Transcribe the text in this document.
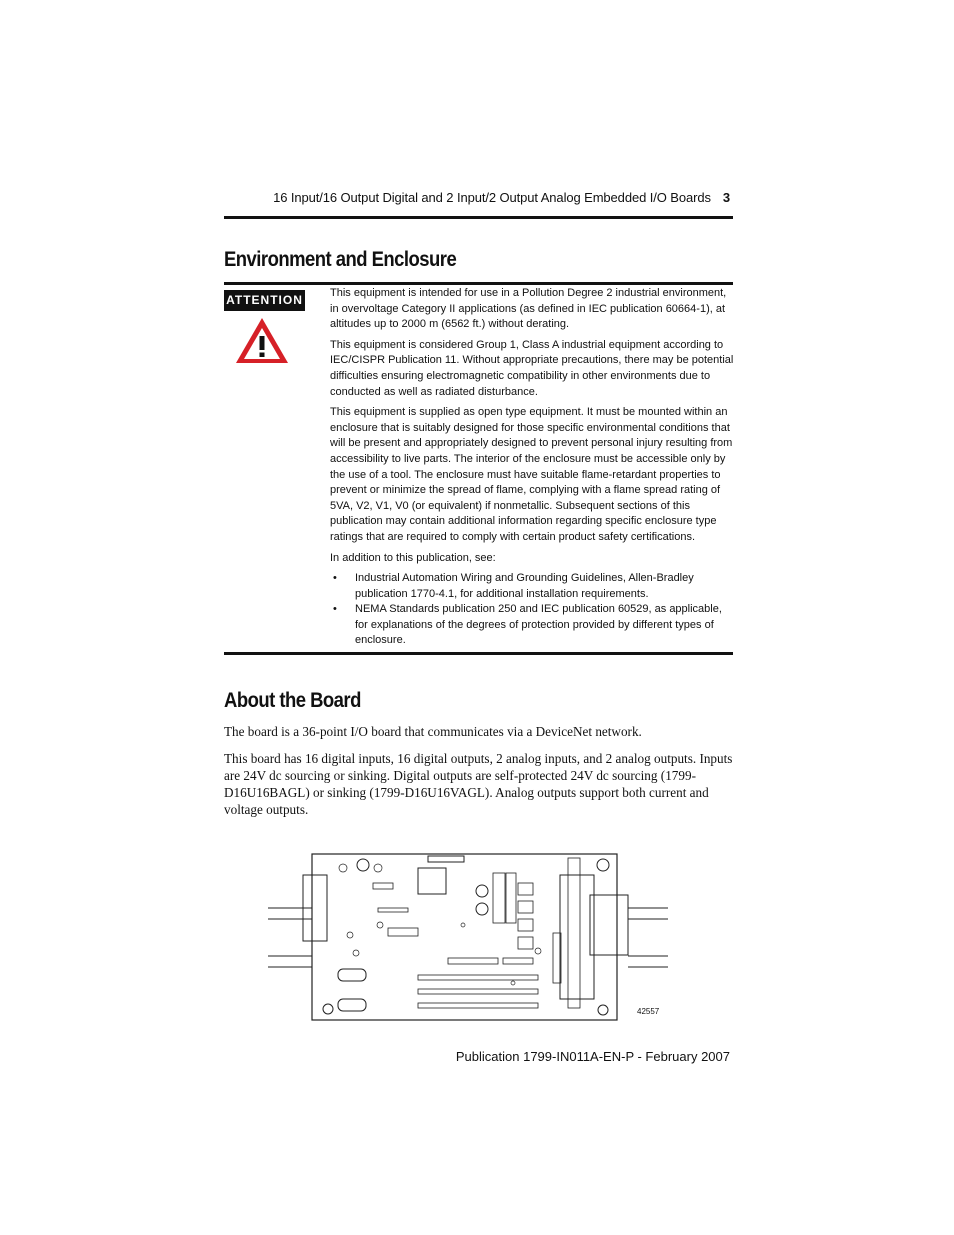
16 Input/16 Output Digital and 2 Input/2 Output Analog Embedded I/O Boards 3
Environment and Enclosure
ATTENTION This equipment is intended for use in a Pollution Degree 2 industrial environment, in overvoltage Category II applications (as defined in IEC publication 60664-1), at altitudes up to 2000 m (6562 ft.) without derating.

This equipment is considered Group 1, Class A industrial equipment according to IEC/CISPR Publication 11. Without appropriate precautions, there may be potential difficulties ensuring electromagnetic compatibility in other environments due to conducted as well as radiated disturbance.

This equipment is supplied as open type equipment. It must be mounted within an enclosure that is suitably designed for those specific environmental conditions that will be present and appropriately designed to prevent personal injury resulting from accessibility to live parts. The interior of the enclosure must be accessible only by the use of a tool. The enclosure must have suitable flame-retardant properties to prevent or minimize the spread of flame, complying with a flame spread rating of 5VA, V2, V1, V0 (or equivalent) if nonmetallic. Subsequent sections of this publication may contain additional information regarding specific enclosure type ratings that are required to comply with certain product safety certifications.

In addition to this publication, see:

• Industrial Automation Wiring and Grounding Guidelines, Allen-Bradley publication 1770-4.1, for additional installation requirements.
• NEMA Standards publication 250 and IEC publication 60529, as applicable, for explanations of the degrees of protection provided by different types of enclosure.
About the Board

The board is a 36-point I/O board that communicates via a DeviceNet network.

This board has 16 digital inputs, 16 digital outputs, 2 analog inputs, and 2 analog outputs. Inputs are 24V dc sourcing or sinking. Digital outputs are self-protected 24V dc sourcing (1799-D16U16BAGL) or sinking (1799-D16U16VAGL). Analog outputs support both current and voltage outputs.

42557
Publication 1799-IN011A-EN-P - February 2007
